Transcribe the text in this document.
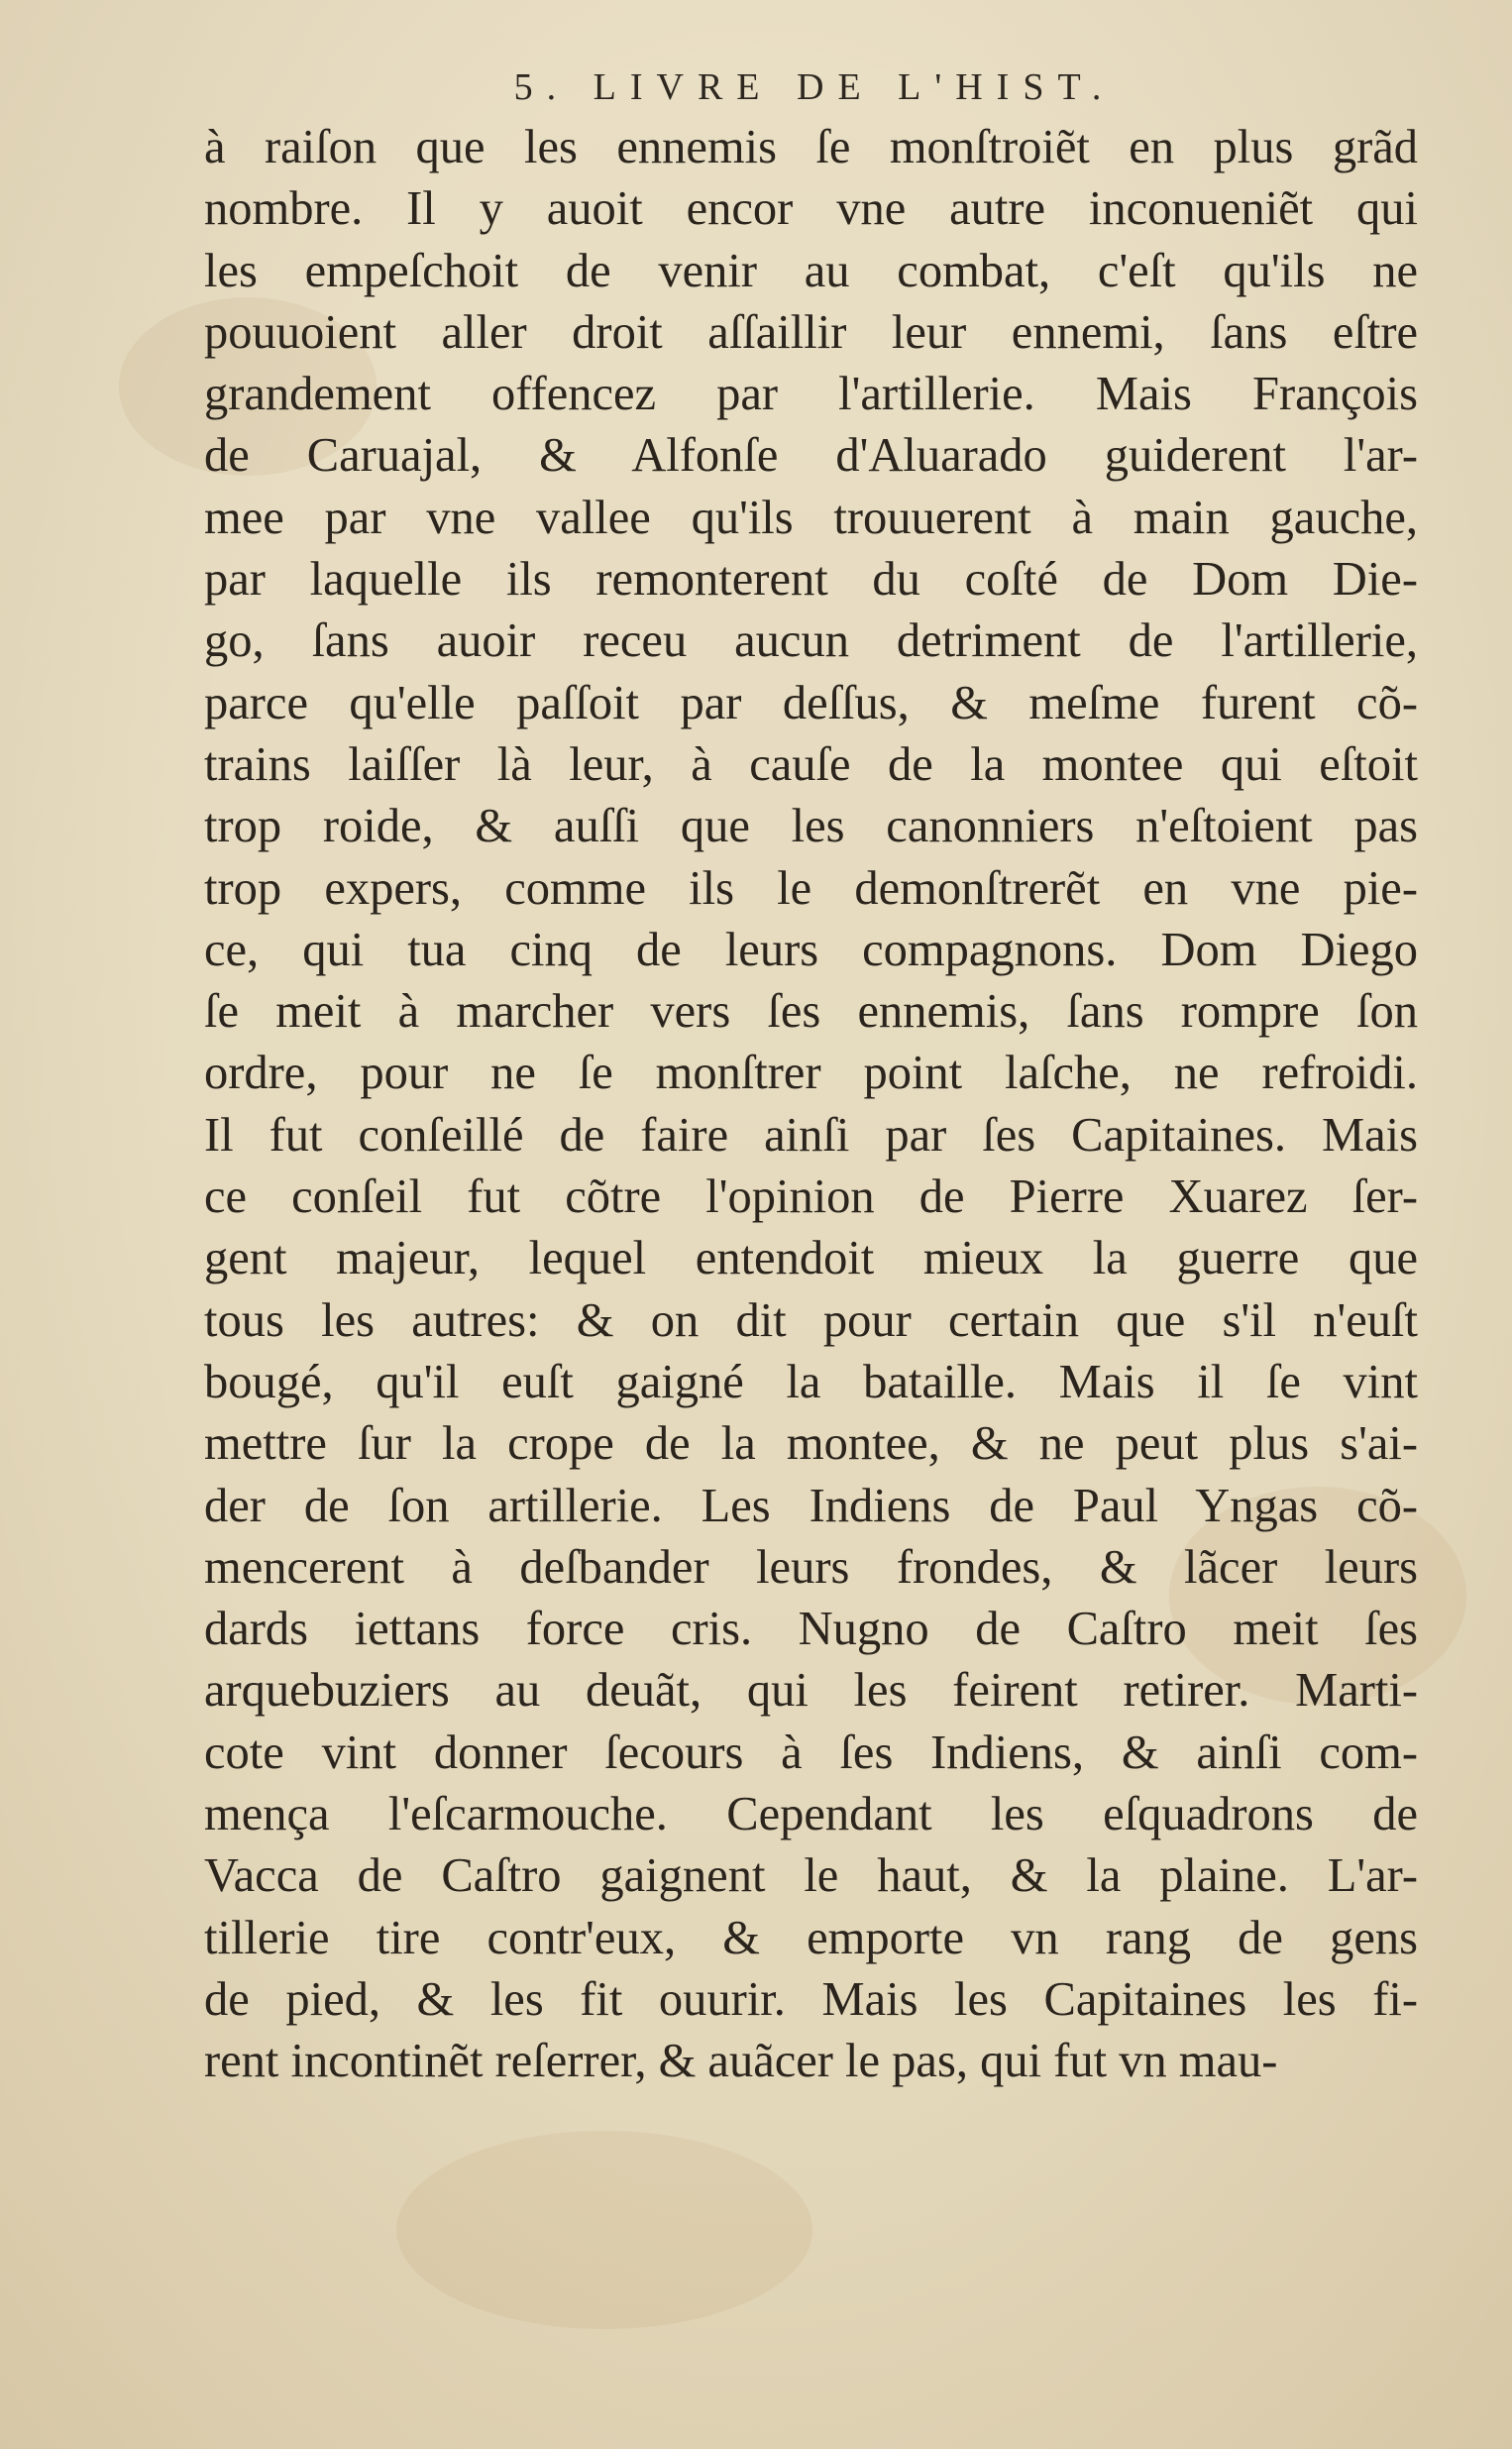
5. LIVRE DE L'HIST.
à raiſon que les ennemis ſe monſtroiẽt en plus grãd
nombre. Il y auoit encor vne autre inconueniẽt qui
les empeſchoit de venir au combat, c'eſt qu'ils ne
pouuoient aller droit aſſaillir leur ennemi, ſans eſtre
grandement offencez par l'artillerie. Mais François
de Caruajal, & Alfonſe d'Aluarado guiderent l'ar-
mee par vne vallee qu'ils trouuerent à main gauche,
par laquelle ils remonterent du coſté de Dom Die-
go, ſans auoir receu aucun detriment de l'artillerie,
parce qu'elle paſſoit par deſſus, & meſme furent cõ-
trains laiſſer là leur, à cauſe de la montee qui eſtoit
trop roide, & auſſi que les canonniers n'eſtoient pas
trop expers, comme ils le demonſtrerẽt en vne pie-
ce, qui tua cinq de leurs compagnons. Dom Diego
ſe meit à marcher vers ſes ennemis, ſans rompre ſon
ordre, pour ne ſe monſtrer point laſche, ne refroidi.
Il fut conſeillé de faire ainſi par ſes Capitaines. Mais
ce conſeil fut cõtre l'opinion de Pierre Xuarez ſer-
gent majeur, lequel entendoit mieux la guerre que
tous les autres: & on dit pour certain que s'il n'euſt
bougé, qu'il euſt gaigné la bataille. Mais il ſe vint
mettre ſur la crope de la montee, & ne peut plus s'ai-
der de ſon artillerie. Les Indiens de Paul Yngas cõ-
mencerent à deſbander leurs frondes, & lãcer leurs
dards iettans force cris. Nugno de Caſtro meit ſes
arquebuziers au deuãt, qui les feirent retirer. Marti-
cote vint donner ſecours à ſes Indiens, & ainſi com-
mença l'eſcarmouche. Cependant les eſquadrons de
Vacca de Caſtro gaignent le haut, & la plaine. L'ar-
tillerie tire contr'eux, & emporte vn rang de gens
de pied, & les fit ouurir. Mais les Capitaines les fi-
rent incontinẽt reſerrer, & auãcer le pas, qui fut vn mau-
